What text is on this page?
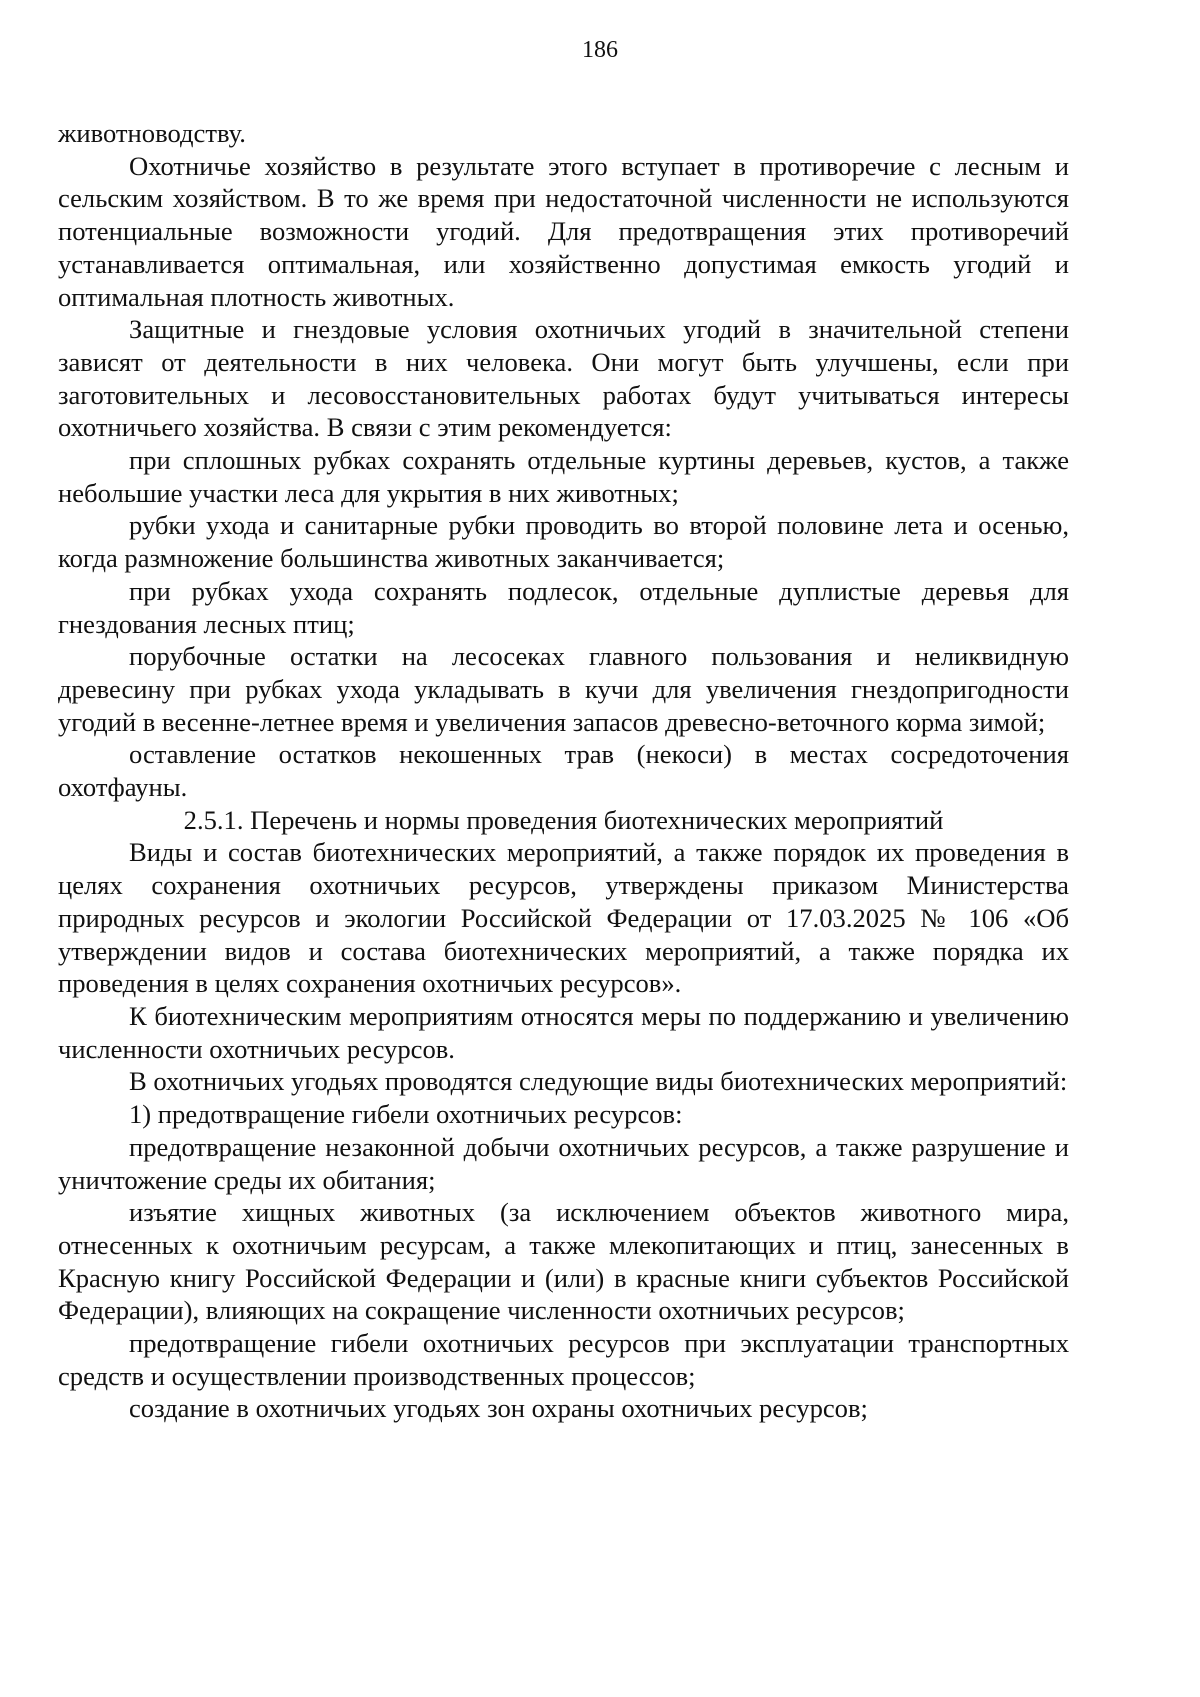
186

животноводству.

Охотничье хозяйство в результате этого вступает в противоречие с лесным и сельским хозяйством. В то же время при недостаточной численности не используются потенциальные возможности угодий. Для предотвращения этих противоречий устанавливается оптимальная, или хозяйственно допустимая емкость угодий и оптимальная плотность животных.

Защитные и гнездовые условия охотничьих угодий в значительной степени зависят от деятельности в них человека. Они могут быть улучшены, если при заготовительных и лесовосстановительных работах будут учитываться интересы охотничьего хозяйства. В связи с этим рекомендуется:

при сплошных рубках сохранять отдельные куртины деревьев, кустов, а также небольшие участки леса для укрытия в них животных;

рубки ухода и санитарные рубки проводить во второй половине лета и осенью, когда размножение большинства животных заканчивается;

при рубках ухода сохранять подлесок, отдельные дуплистые деревья для гнездования лесных птиц;

порубочные остатки на лесосеках главного пользования и неликвидную древесину при рубках ухода укладывать в кучи для увеличения гнездопригодности угодий в весенне-летнее время и увеличения запасов древесно-веточного корма зимой;

оставление остатков некошенных трав (некоси) в местах сосредоточения охотфауны.

2.5.1. Перечень и нормы проведения биотехнических мероприятий

Виды и состав биотехнических мероприятий, а также порядок их проведения в целях сохранения охотничьих ресурсов, утверждены приказом Министерства природных ресурсов и экологии Российской Федерации от 17.03.2025 № 106 «Об утверждении видов и состава биотехнических мероприятий, а также порядка их проведения в целях сохранения охотничьих ресурсов».

К биотехническим мероприятиям относятся меры по поддержанию и увеличению численности охотничьих ресурсов.

В охотничьих угодьях проводятся следующие виды биотехнических мероприятий:

1) предотвращение гибели охотничьих ресурсов:

предотвращение незаконной добычи охотничьих ресурсов, а также разрушение и уничтожение среды их обитания;

изъятие хищных животных (за исключением объектов животного мира, отнесенных к охотничьим ресурсам, а также млекопитающих и птиц, занесенных в Красную книгу Российской Федерации и (или) в красные книги субъектов Российской Федерации), влияющих на сокращение численности охотничьих ресурсов;

предотвращение гибели охотничьих ресурсов при эксплуатации транспортных средств и осуществлении производственных процессов;

создание в охотничьих угодьях зон охраны охотничьих ресурсов;
